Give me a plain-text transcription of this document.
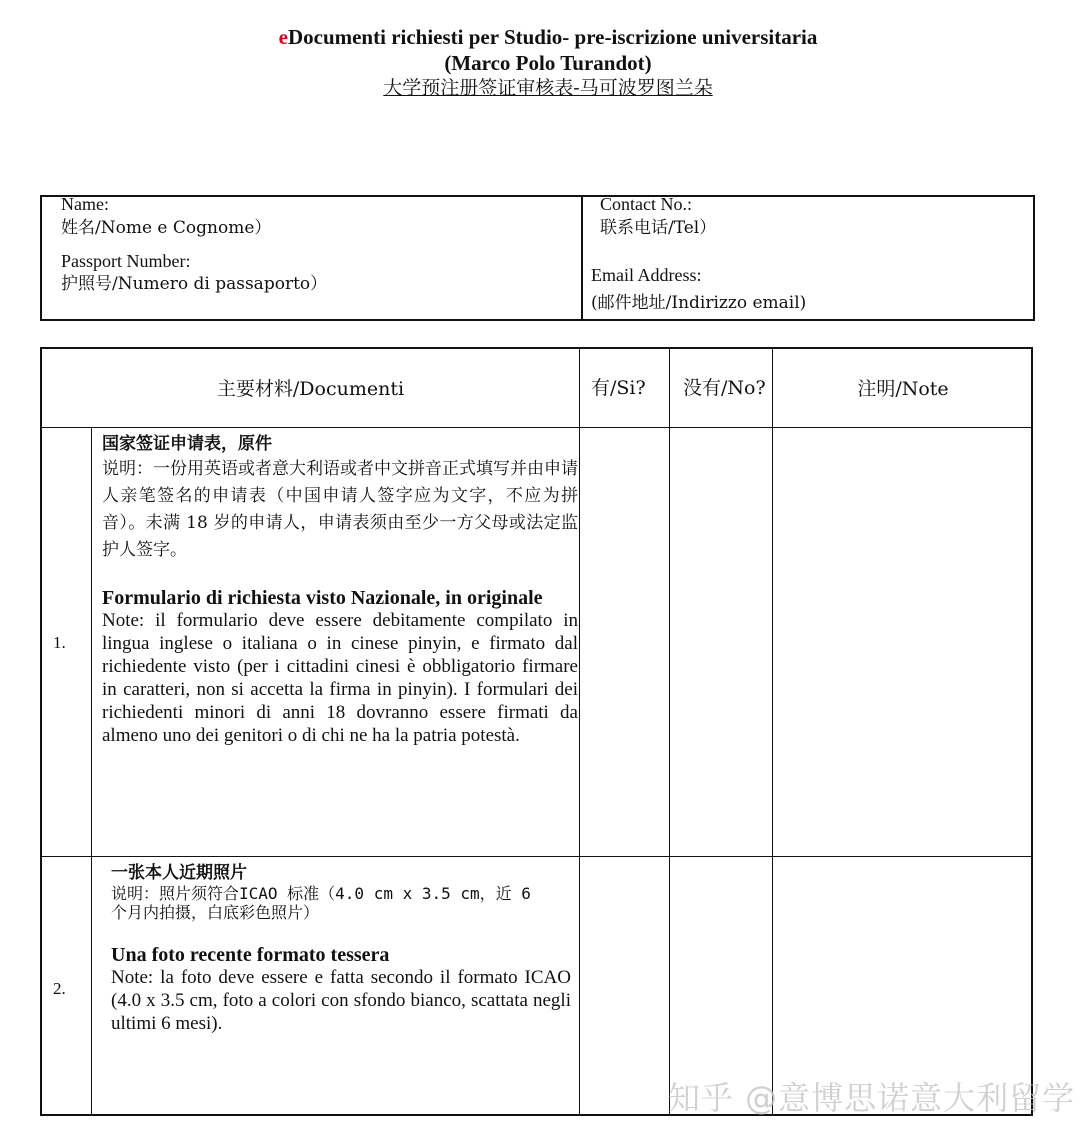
eDocumenti richiesti per Studio- pre-iscrizione universitaria
(Marco Polo Turandot)
大学预注册签证审核表-马可波罗图兰朵
Name:
姓名/Nome e Cognome）
Passport Number:
护照号/Numero di passaporto）
Contact No.:
联系电话/Tel）
Email Address:
(邮件地址/Indirizzo email)
主要材料/Documenti	有/Si? 没有/No?	注明/Note
1.
国家签证申请表，原件
说明：一份用英语或者意大利语或者中文拼音正式填写并由申请人亲笔签名的申请表（中国申请人签字应为文字，不应为拼音）。未满 18 岁的申请人，申请表须由至少一方父母或法定监护人签字。
Formulario di richiesta visto Nazionale, in originale
Note: il formulario deve essere debitamente compilato in lingua inglese o italiana o in cinese pinyin, e firmato dal richiedente visto (per i cittadini cinesi è obbligatorio firmare in caratteri, non si accetta la firma in pinyin). I formulari dei richiedenti minori di anni 18 dovranno essere firmati da almeno uno dei genitori o di chi ne ha la patria potestà.
2.
一张本人近期照片
说明：照片须符合ICAO 标准（4.0 cm x 3.5 cm，近 6 个月内拍摄，白底彩色照片）
Una foto recente formato tessera
Note: la foto deve essere e fatta secondo il formato ICAO (4.0 x 3.5 cm, foto a colori con sfondo bianco, scattata negli ultimi 6 mesi).
知乎 @意博思诺意大利留学
